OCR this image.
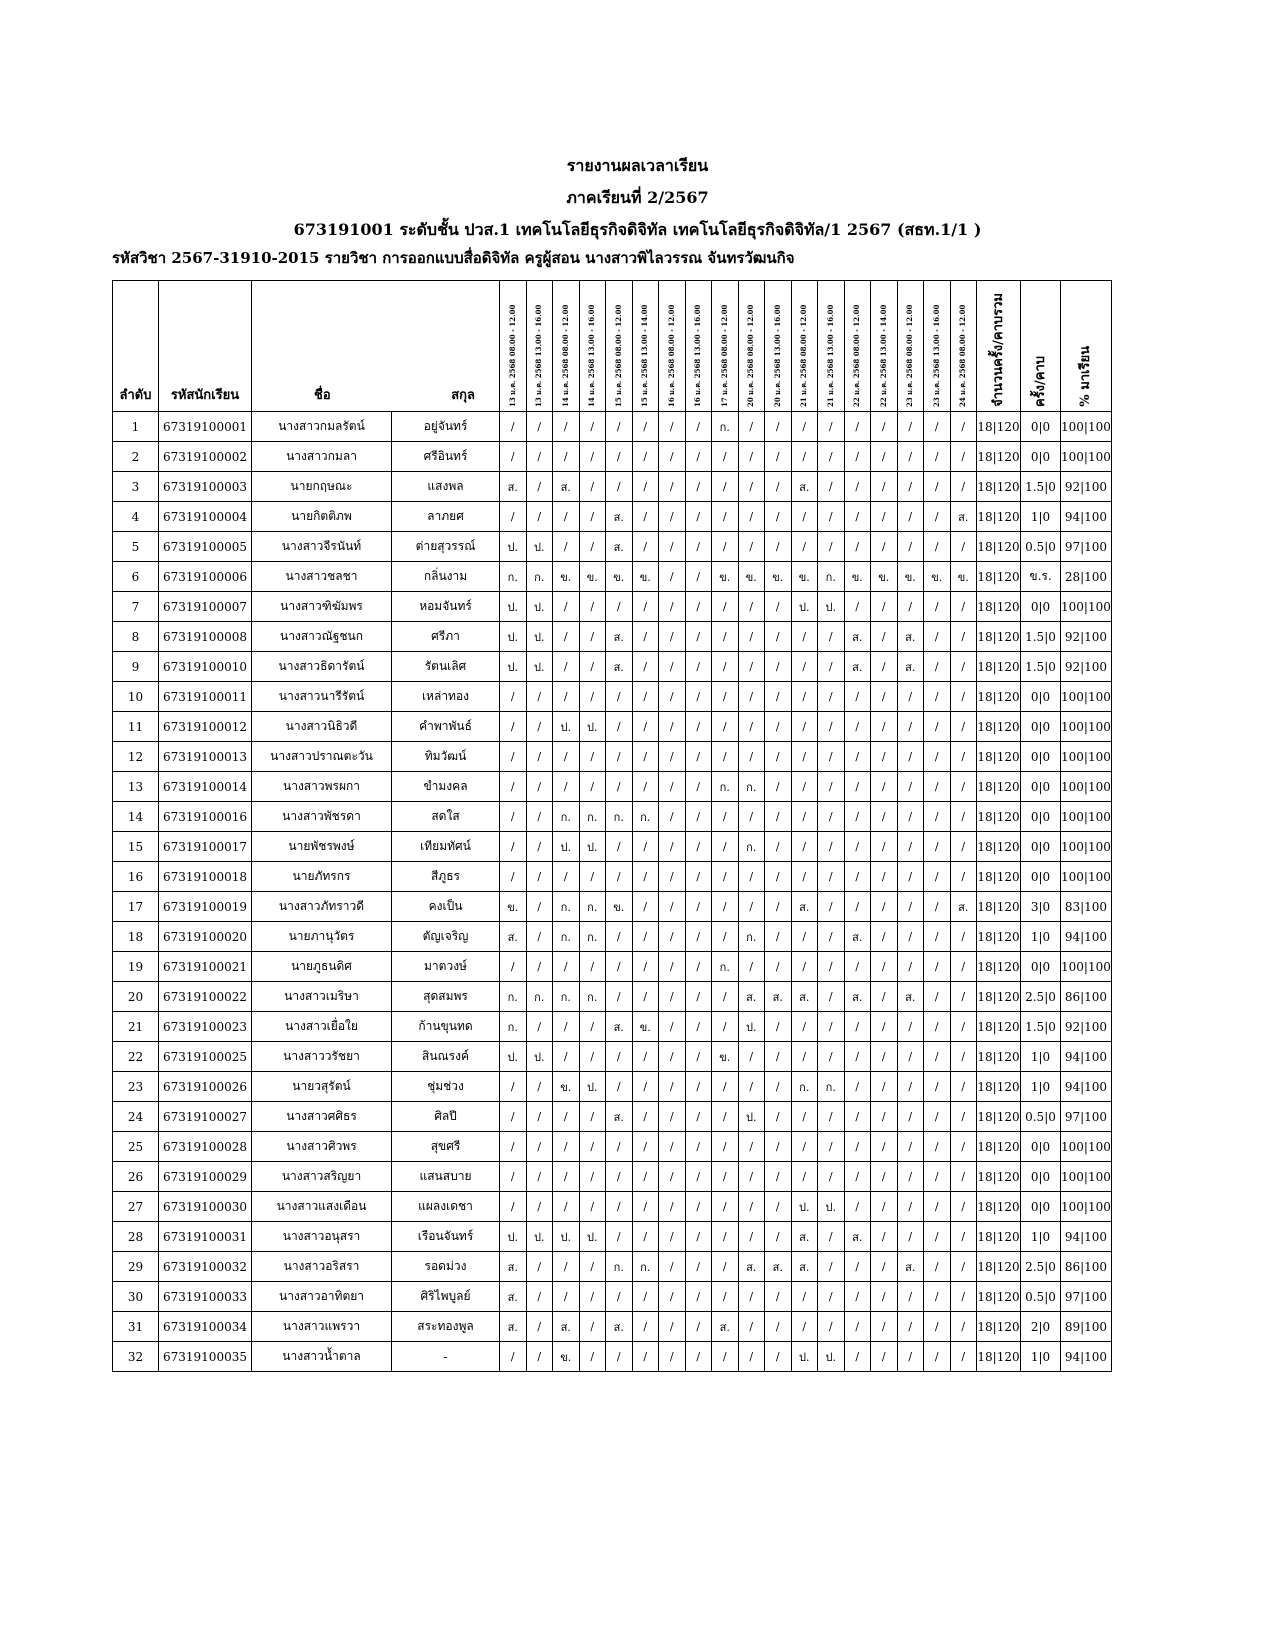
รายงานผลเวลาเรียน
ภาคเรียนที่ 2/2567
673191001 ระดับชั้น ปวส.1 เทคโนโลยีธุรกิจดิจิทัล เทคโนโลยีธุรกิจดิจิทัล/1 2567 (สธท.1/1 )
รหัสวิชา 2567-31910-2015 รายวิชา การออกแบบสื่อดิจิทัล ครูผู้สอน นางสาวพิไลวรรณ จันทรวัฒนกิจ
ลำดับ	รหัสนักเรียน	ชื่อ สกุล		13 ม.ค. 2568 08.00 - 12.00	13 ม.ค. 2568 13.00 - 16.00	14 ม.ค. 2568 08.00 - 12.00	14 ม.ค. 2568 13.00 - 16.00	15 ม.ค. 2568 08.00 - 12.00	15 ม.ค. 2568 13.00 - 14.00	16 ม.ค. 2568 08.00 - 12.00	16 ม.ค. 2568 13.00 - 16.00	17 ม.ค. 2568 08.00 - 12.00	20 ม.ค. 2568 08.00 - 12.00	20 ม.ค. 2568 13.00 - 16.00	21 ม.ค. 2568 08.00 - 12.00	21 ม.ค. 2568 13.00 - 16.00	22 ม.ค. 2568 08.00 - 12.00	22 ม.ค. 2568 13.00 - 14.00	23 ม.ค. 2568 08.00 - 12.00	23 ม.ค. 2568 13.00 - 16.00	24 ม.ค. 2568 08.00 - 12.00	จำนวนครั้ง/คาบรวม	ครั้ง/คาบ	% มาเรียน
1	67319100001	นางสาวกมลรัตน์	อยู่จันทร์	/	/	/	/	/	/	/	/	ก.	/	/	/	/	/	/	/	/	/	18|120	0|0	100|100
2	67319100002	นางสาวกมลา	ศรีอินทร์	/	/	/	/	/	/	/	/	/	/	/	/	/	/	/	/	/	/	18|120	0|0	100|100
3	67319100003	นายกฤษณะ	แสงพล	ส.	/	ส.	/	/	/	/	/	/	/	/	ส.	/	/	/	/	/	/	18|120	1.5|0	92|100
4	67319100004	นายกิตติภพ	ลาภยศ	/	/	/	/	ส.	/	/	/	/	/	/	/	/	/	/	/	/	ส.	18|120	1|0	94|100
5	67319100005	นางสาวจีรนันท์	ต่ายสุวรรณ์	ป.	ป.	/	/	ส.	/	/	/	/	/	/	/	/	/	/	/	/	/	18|120	0.5|0	97|100
6	67319100006	นางสาวชลชา	กลิ่นงาม	ก.	ก.	ข.	ข.	ข.	ข.	/	/	ข.	ข.	ข.	ข.	ก.	ข.	ข.	ข.	ข.	ข.	18|120	ข.ร.	28|100
7	67319100007	นางสาวฑิฆัมพร	หอมจันทร์	ป.	ป.	/	/	/	/	/	/	/	/	/	ป.	ป.	/	/	/	/	/	18|120	0|0	100|100
8	67319100008	นางสาวณัฐชนก	ศรีภา	ป.	ป.	/	/	ส.	/	/	/	/	/	/	/	/	ส.	/	ส.	/	/	18|120	1.5|0	92|100
9	67319100010	นางสาวธิดารัตน์	รัตนเลิศ	ป.	ป.	/	/	ส.	/	/	/	/	/	/	/	/	ส.	/	ส.	/	/	18|120	1.5|0	92|100
10	67319100011	นางสาวนารีรัตน์	เหล่าทอง	/	/	/	/	/	/	/	/	/	/	/	/	/	/	/	/	/	/	18|120	0|0	100|100
11	67319100012	นางสาวนิธิวดี	คำพาพันธ์	/	/	ป.	ป.	/	/	/	/	/	/	/	/	/	/	/	/	/	/	18|120	0|0	100|100
12	67319100013	นางสาวปราณตะวัน	ทิมวัฒน์	/	/	/	/	/	/	/	/	/	/	/	/	/	/	/	/	/	/	18|120	0|0	100|100
13	67319100014	นางสาวพรผกา	ขำมงคล	/	/	/	/	/	/	/	/	ก.	ก.	/	/	/	/	/	/	/	/	18|120	0|0	100|100
14	67319100016	นางสาวพัชรดา	สดใส	/	/	ก.	ก.	ก.	ก.	/	/	/	/	/	/	/	/	/	/	/	/	18|120	0|0	100|100
15	67319100017	นายพัชรพงษ์	เทียมทัศน์	/	/	ป.	ป.	/	/	/	/	/	ก.	/	/	/	/	/	/	/	/	18|120	0|0	100|100
16	67319100018	นายภัทรกร	สีภูธร	/	/	/	/	/	/	/	/	/	/	/	/	/	/	/	/	/	/	18|120	0|0	100|100
17	67319100019	นางสาวภัทราวดี	คงเป็น	ข.	/	ก.	ก.	ข.	/	/	/	/	/	/	ส.	/	/	/	/	/	ส.	18|120	3|0	83|100
18	67319100020	นายภานุวัตร	ตัญเจริญ	ส.	/	ก.	ก.	/	/	/	/	/	ก.	/	/	/	ส.	/	/	/	/	18|120	1|0	94|100
19	67319100021	นายภูธนดิศ	มาตวงษ์	/	/	/	/	/	/	/	/	ก.	/	/	/	/	/	/	/	/	/	18|120	0|0	100|100
20	67319100022	นางสาวเมริษา	สุดสมพร	ก.	ก.	ก.	ก.	/	/	/	/	/	ส.	ส.	ส.	/	ส.	/	ส.	/	/	18|120	2.5|0	86|100
21	67319100023	นางสาวเยื่อใย	ก้านขุนทด	ก.	/	/	/	ส.	ข.	/	/	/	ป.	/	/	/	/	/	/	/	/	18|120	1.5|0	92|100
22	67319100025	นางสาววรัชยา	สินณรงค์	ป.	ป.	/	/	/	/	/	/	ข.	/	/	/	/	/	/	/	/	/	18|120	1|0	94|100
23	67319100026	นายวสุรัตน์	ชุ่มช่วง	/	/	ข.	ป.	/	/	/	/	/	/	/	ก.	ก.	/	/	/	/	/	18|120	1|0	94|100
24	67319100027	นางสาวศศิธร	ศิลปี	/	/	/	/	ส.	/	/	/	/	ป.	/	/	/	/	/	/	/	/	18|120	0.5|0	97|100
25	67319100028	นางสาวศิวพร	สุขศรี	/	/	/	/	/	/	/	/	/	/	/	/	/	/	/	/	/	/	18|120	0|0	100|100
26	67319100029	นางสาวสริญยา	แสนสบาย	/	/	/	/	/	/	/	/	/	/	/	/	/	/	/	/	/	/	18|120	0|0	100|100
27	67319100030	นางสาวแสงเดือน	แผลงเดชา	/	/	/	/	/	/	/	/	/	/	/	ป.	ป.	/	/	/	/	/	18|120	0|0	100|100
28	67319100031	นางสาวอนุสรา	เรือนจันทร์	ป.	ป.	ป.	ป.	/	/	/	/	/	/	/	ส.	/	ส.	/	/	/	/	18|120	1|0	94|100
29	67319100032	นางสาวอริสรา	รอดม่วง	ส.	/	/	/	ก.	ก.	/	/	/	ส.	ส.	ส.	/	/	/	ส.	/	/	18|120	2.5|0	86|100
30	67319100033	นางสาวอาทิตยา	ศิริไพบูลย์	ส.	/	/	/	/	/	/	/	/	/	/	/	/	/	/	/	/	/	18|120	0.5|0	97|100
31	67319100034	นางสาวแพรวา	สระทองพูล	ส.	/	ส.	/	ส.	/	/	/	ส.	/	/	/	/	/	/	/	/	/	18|120	2|0	89|100
32	67319100035	นางสาวน้ำตาล	-	/	/	ข.	/	/	/	/	/	/	/	/	ป.	ป.	/	/	/	/	/	18|120	1|0	94|100
